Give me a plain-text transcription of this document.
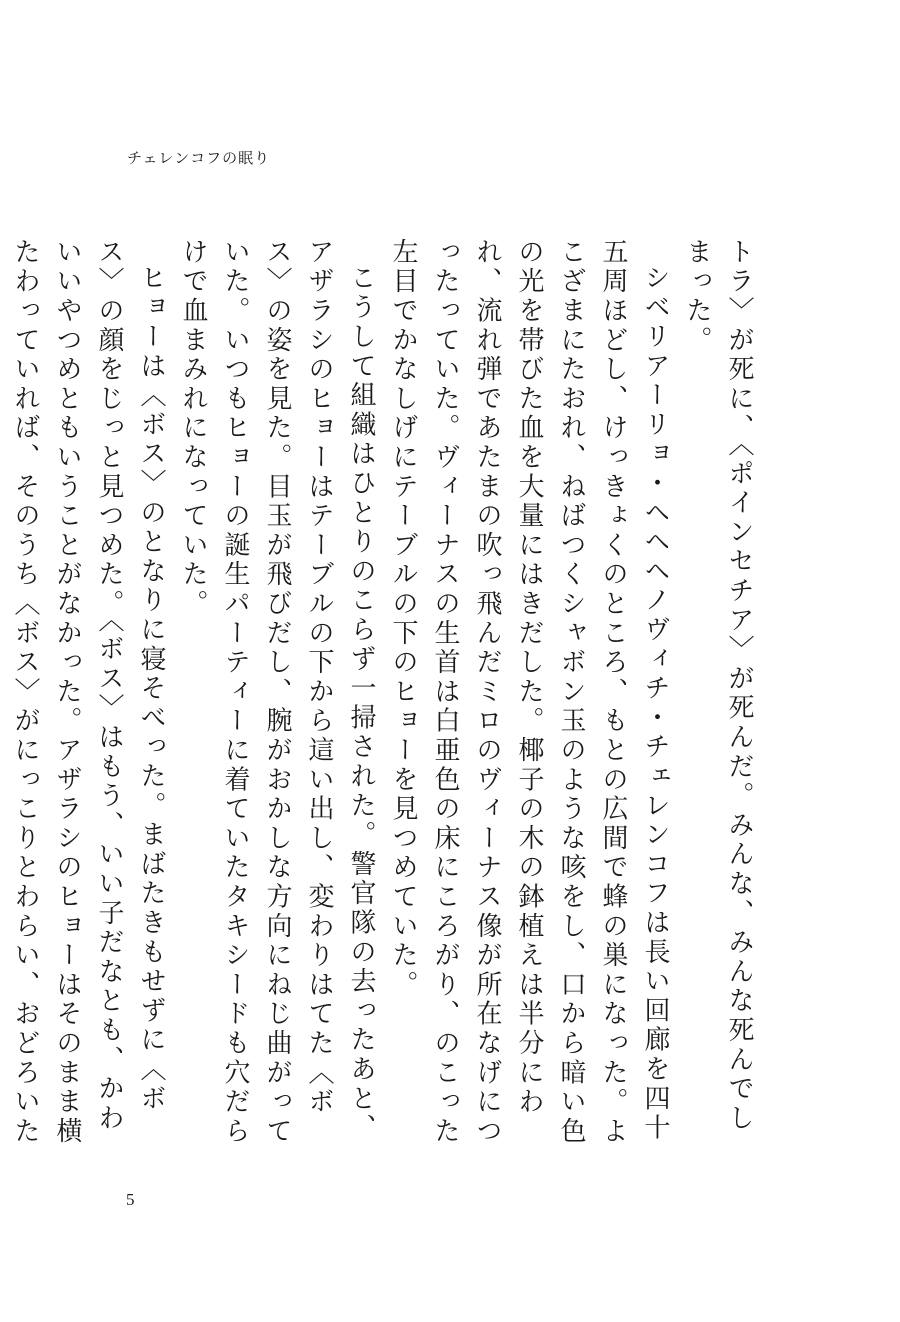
チェレンコフの眠り

トラ〉が死に、〈ポインセチア〉が死んだ。みんな、みんな死んでしまった。

シベリアーリョ・ヘヘヘノヴィチ・チェレンコフは長い回廊を四十五周ほどし、けっきょくのところ、もとの広間で蜂の巣になった。よこざまにたおれ、ねばつくシャボン玉のような咳をし、口から暗い色の光を帯びた血を大量にはきだした。椰子の木の鉢植えは半分にわれ、流れ弾であたまの吹っ飛んだミロのヴィーナス像が所在なげにつったっていた。ヴィーナスの生首は白亜色の床にころがり、のこった左目でかなしげにテーブルの下のヒョーを見つめていた。

こうして組織はひとりのこらず一掃された。警官隊の去ったあと、アザラシのヒョーはテーブルの下から這い出し、変わりはてた〈ボス〉の姿を見た。目玉が飛びだし、腕がおかしな方向にねじ曲がっていた。いつもヒョーの誕生パーティーに着ていたタキシードも穴だらけで血まみれになっていた。

ヒョーは〈ボス〉のとなりに寝そべった。まばたきもせずに〈ボス〉の顔をじっと見つめた。〈ボス〉はもう、いい子だなとも、かわいいやつめともいうことがなかった。アザラシのヒョーはそのまま横たわっていれば、そのうち〈ボス〉がにっこりとわらい、おどろいた　

5
